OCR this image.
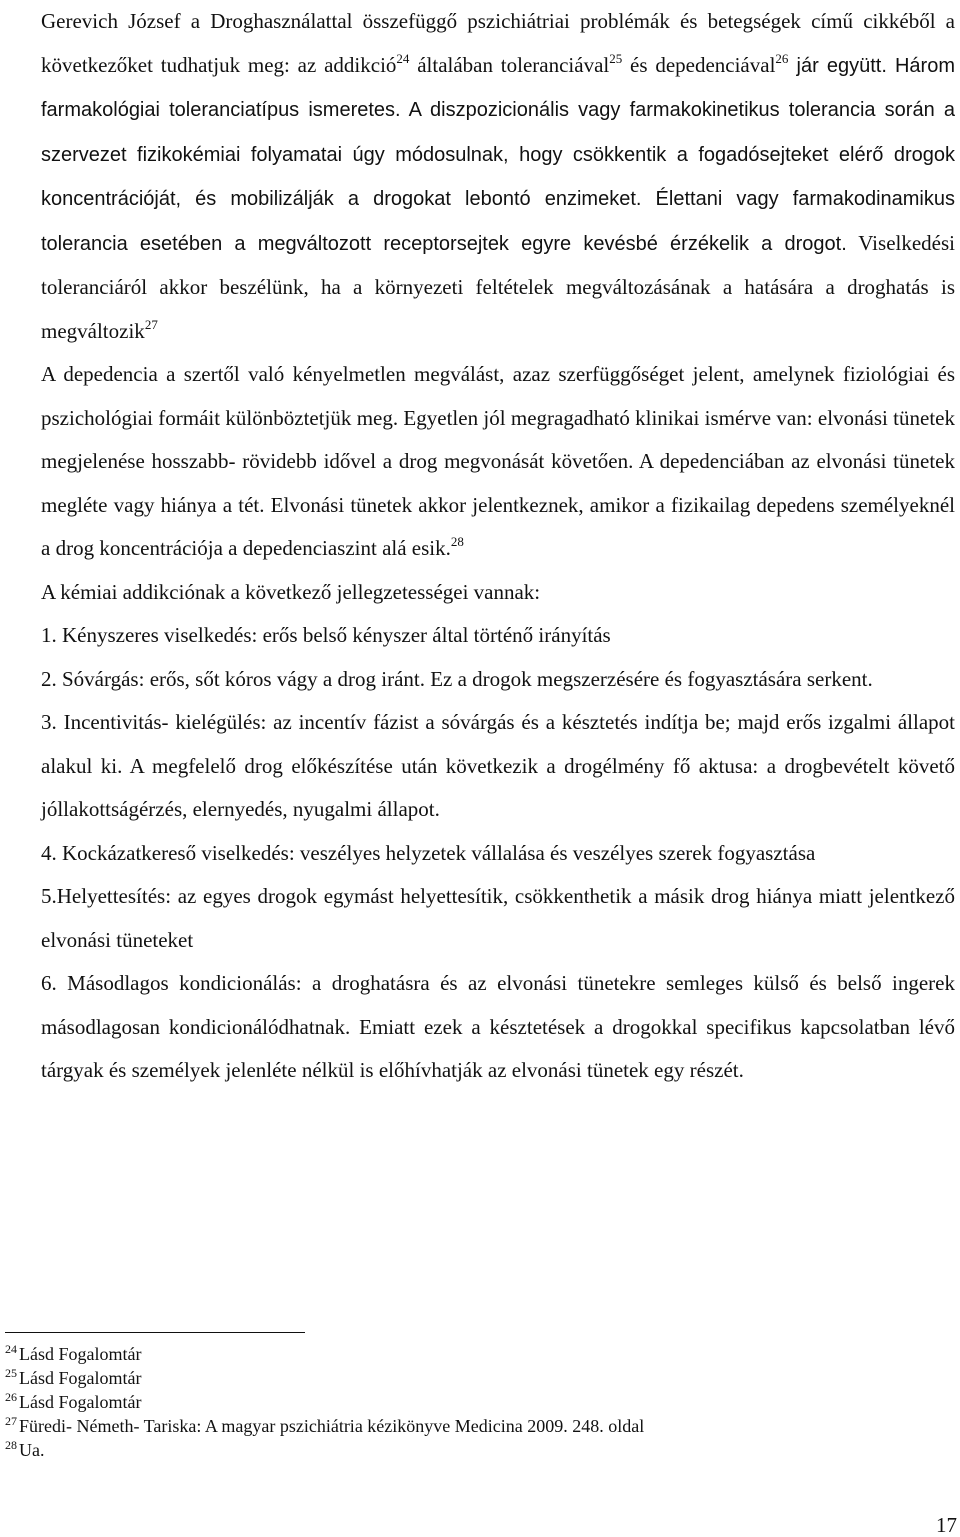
Gerevich József a Droghasználattal összefüggő pszichiátriai problémák és betegségek című cikkéből a következőket tudhatjuk meg: az addikció$^{24}$ általában toleranciával$^{25}$ és depedenciával$^{26}$ jár együtt. Három farmakológiai toleranciatípus ismeretes. A diszpozicionális vagy farmakokinetikus tolerancia során a szervezet fizikokémiai folyamatai úgy módosulnak, hogy csökkentik a fogadósejteket elérő drogok koncentrációját, és mobilizálják a drogokat lebontó enzimeket. Élettani vagy farmakodinamikus tolerancia esetében a megváltozott receptorsejtek egyre kevésbé érzékelik a drogot. Viselkedési toleranciáról akkor beszélünk, ha a környezeti feltételek megváltozásának a hatására a droghatás is megváltozik$^{27}$

A depedencia a szertől való kényelmetlen megválást, azaz szerfüggőséget jelent, amelynek fiziológiai és pszichológiai formáit különböztetjük meg. Egyetlen jól megragadható klinikai ismérve van: elvonási tünetek megjelenése hosszabb- rövidebb idővel a drog megvonását követően. A depedenciában az elvonási tünetek megléte vagy hiánya a tét. Elvonási tünetek akkor jelentkeznek, amikor a fizikailag depedens személyeknél a drog koncentrációja a depedenciaszint alá esik.$^{28}$

A kémiai addikciónak a következő jellegzetességei vannak:

1. Kényszeres viselkedés: erős belső kényszer által történő irányítás

2. Sóvárgás: erős, sőt kóros vágy a drog iránt. Ez a drogok megszerzésére és fogyasztására serkent.

3. Incentivitás- kielégülés: az incentív fázist a sóvárgás és a késztetés indítja be; majd erős izgalmi állapot alakul ki. A megfelelő drog előkészítése után következik a drogélmény fő aktusa: a drogbevételt követő jóllakottságérzés, elernyedés, nyugalmi állapot.

4. Kockázatkereső viselkedés: veszélyes helyzetek vállalása és veszélyes szerek fogyasztása

5.Helyettesítés: az egyes drogok egymást helyettesítik, csökkenthetik a másik drog hiánya miatt jelentkező elvonási tüneteket

6. Másodlagos kondicionálás: a droghatásra és az elvonási tünetekre semleges külső és belső ingerek másodlagosan kondicionálódhatnak. Emiatt ezek a késztetések a drogokkal specifikus kapcsolatban lévő tárgyak és személyek jelenléte nélkül is előhívhatják az elvonási tünetek egy részét.

$^{24}$ Lásd Fogalomtár
$^{25}$ Lásd Fogalomtár
$^{26}$ Lásd Fogalomtár
$^{27}$ Füredi- Németh- Tariska: A magyar pszichiátria kézikönyve Medicina 2009. 248. oldal
$^{28}$ Ua.
17
